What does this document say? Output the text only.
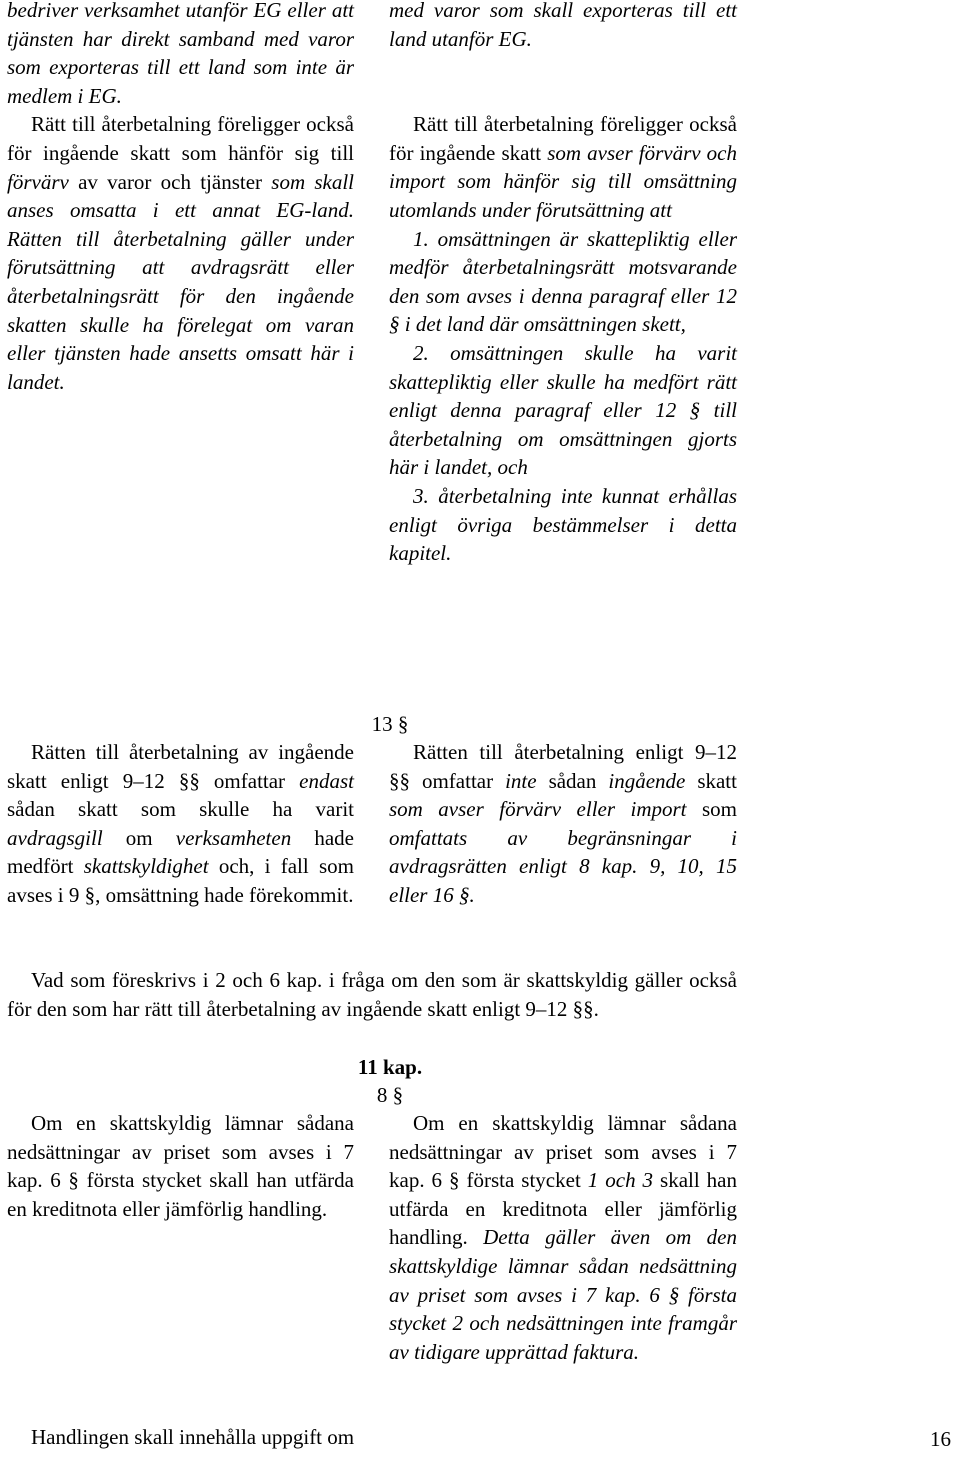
bedriver verksamhet utanför EG eller att tjänsten har direkt samband med varor som exporteras till ett land som inte är medlem i EG.

Rätt till återbetalning föreligger också för ingående skatt som hänför sig till förvärv av varor och tjänster som skall anses omsatta i ett annat EG-land. Rätten till återbetalning gäller under förutsättning att avdragsrätt eller återbetalningsrätt för den ingående skatten skulle ha förelegat om varan eller tjänsten hade ansetts omsatt här i landet.

med varor som skall exporteras till ett land utanför EG.

Rätt till återbetalning föreligger också för ingående skatt som avser förvärv och import som hänför sig till omsättning utomlands under förutsättning att

1. omsättningen är skattepliktig eller medför återbetalningsrätt motsvarande den som avses i denna paragraf eller 12 § i det land där omsättningen skett,

2. omsättningen skulle ha varit skattepliktig eller skulle ha medfört rätt enligt denna paragraf eller 12 § till återbetalning om omsättningen gjorts här i landet, och

3. återbetalning inte kunnat erhållas enligt övriga bestämmelser i detta kapitel.

13 §

Rätten till återbetalning av ingående skatt enligt 9–12 §§ omfattar endast sådan skatt som skulle ha varit avdragsgill om verksamheten hade medfört skattskyldighet och, i fall som avses i 9 §, omsättning hade förekommit.

Rätten till återbetalning enligt 9–12 §§ omfattar inte sådan ingående skatt som avser förvärv eller import som omfattats av begränsningar i avdragsrätten enligt 8 kap. 9, 10, 15 eller 16 §.

Vad som föreskrivs i 2 och 6 kap. i fråga om den som är skattskyldig gäller också för den som har rätt till återbetalning av ingående skatt enligt 9–12 §§.
11 kap.
8 §

Om en skattskyldig lämnar sådana nedsättningar av priset som avses i 7 kap. 6 § första stycket skall han utfärda en kreditnota eller jämförlig handling.

Om en skattskyldig lämnar sådana nedsättningar av priset som avses i 7 kap. 6 § första stycket 1 och 3 skall han utfärda en kreditnota eller jämförlig handling. Detta gäller även om den skattskyldige lämnar sådan nedsättning av priset som avses i 7 kap. 6 § första stycket 2 och nedsättningen inte framgår av tidigare upprättad faktura.

Handlingen skall innehålla uppgift om	16
